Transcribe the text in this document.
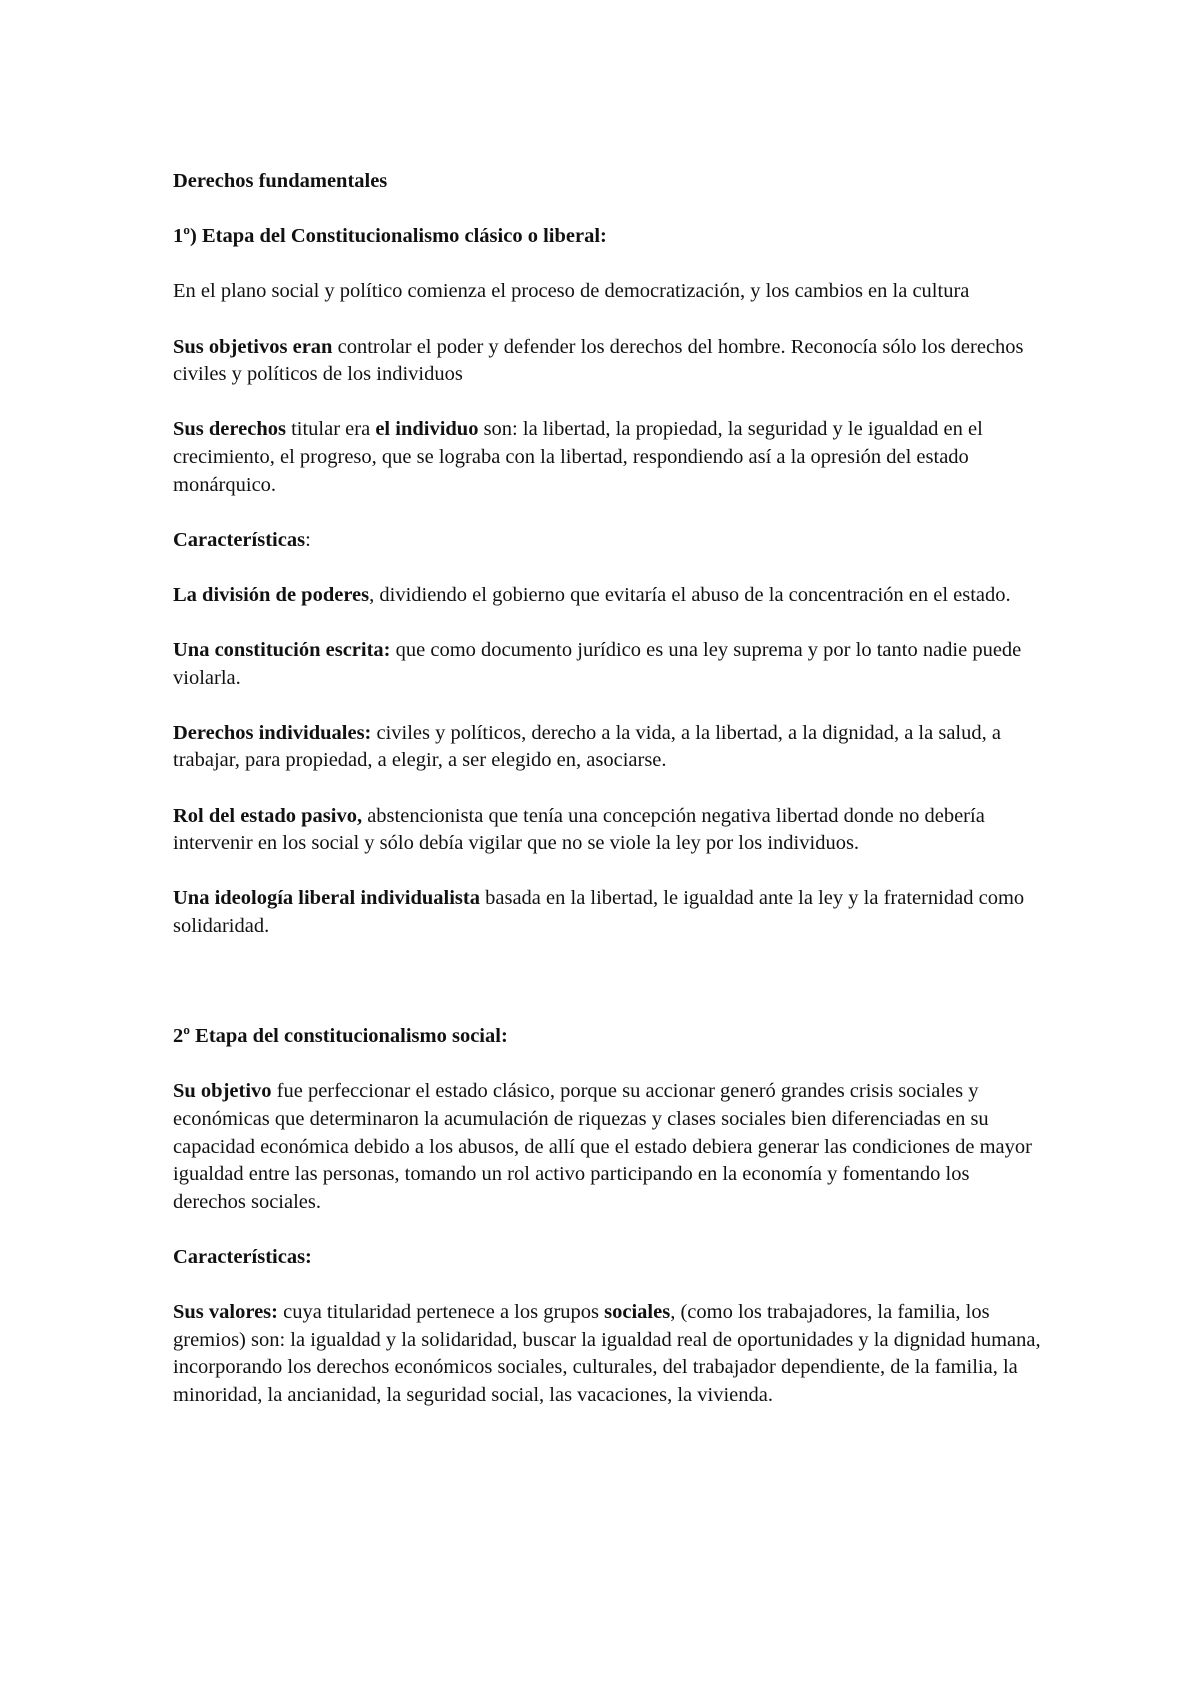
Derechos fundamentales

1º) Etapa del Constitucionalismo clásico o liberal:

En el plano social y político comienza el proceso de democratización, y los cambios en la cultura

Sus objetivos eran controlar el poder y defender los derechos del hombre. Reconocía sólo los derechos civiles y políticos de los individuos

Sus derechos titular era el individuo son: la libertad, la propiedad, la seguridad y le igualdad en el crecimiento, el progreso, que se lograba con la libertad, respondiendo así a la opresión del estado monárquico.

Características:

La división de poderes, dividiendo el gobierno que evitaría el abuso de la concentración en el estado.

Una constitución escrita: que como documento jurídico es una ley suprema y por lo tanto nadie puede violarla.

Derechos individuales: civiles y políticos, derecho a la vida, a la libertad, a la dignidad, a la salud, a trabajar, para propiedad, a elegir, a ser elegido en, asociarse.

Rol del estado pasivo, abstencionista que tenía una concepción negativa libertad donde no debería intervenir en los social y sólo debía vigilar que no se viole la ley por los individuos.

Una ideología liberal individualista basada en la libertad, le igualdad ante la ley y la fraternidad como solidaridad.

2º Etapa del constitucionalismo social:

Su objetivo fue perfeccionar el estado clásico, porque su accionar generó grandes crisis sociales y económicas que determinaron la acumulación de riquezas y clases sociales bien diferenciadas en su capacidad económica debido a los abusos, de allí que el estado debiera generar las condiciones de mayor igualdad entre las personas, tomando un rol activo participando en la economía y fomentando los derechos sociales.

Características:

Sus valores: cuya titularidad pertenece a los grupos sociales, (como los trabajadores, la familia, los gremios) son: la igualdad y la solidaridad, buscar la igualdad real de oportunidades y la dignidad humana, incorporando los derechos económicos sociales, culturales, del trabajador dependiente, de la familia, la minoridad, la ancianidad, la seguridad social, las vacaciones, la vivienda.
